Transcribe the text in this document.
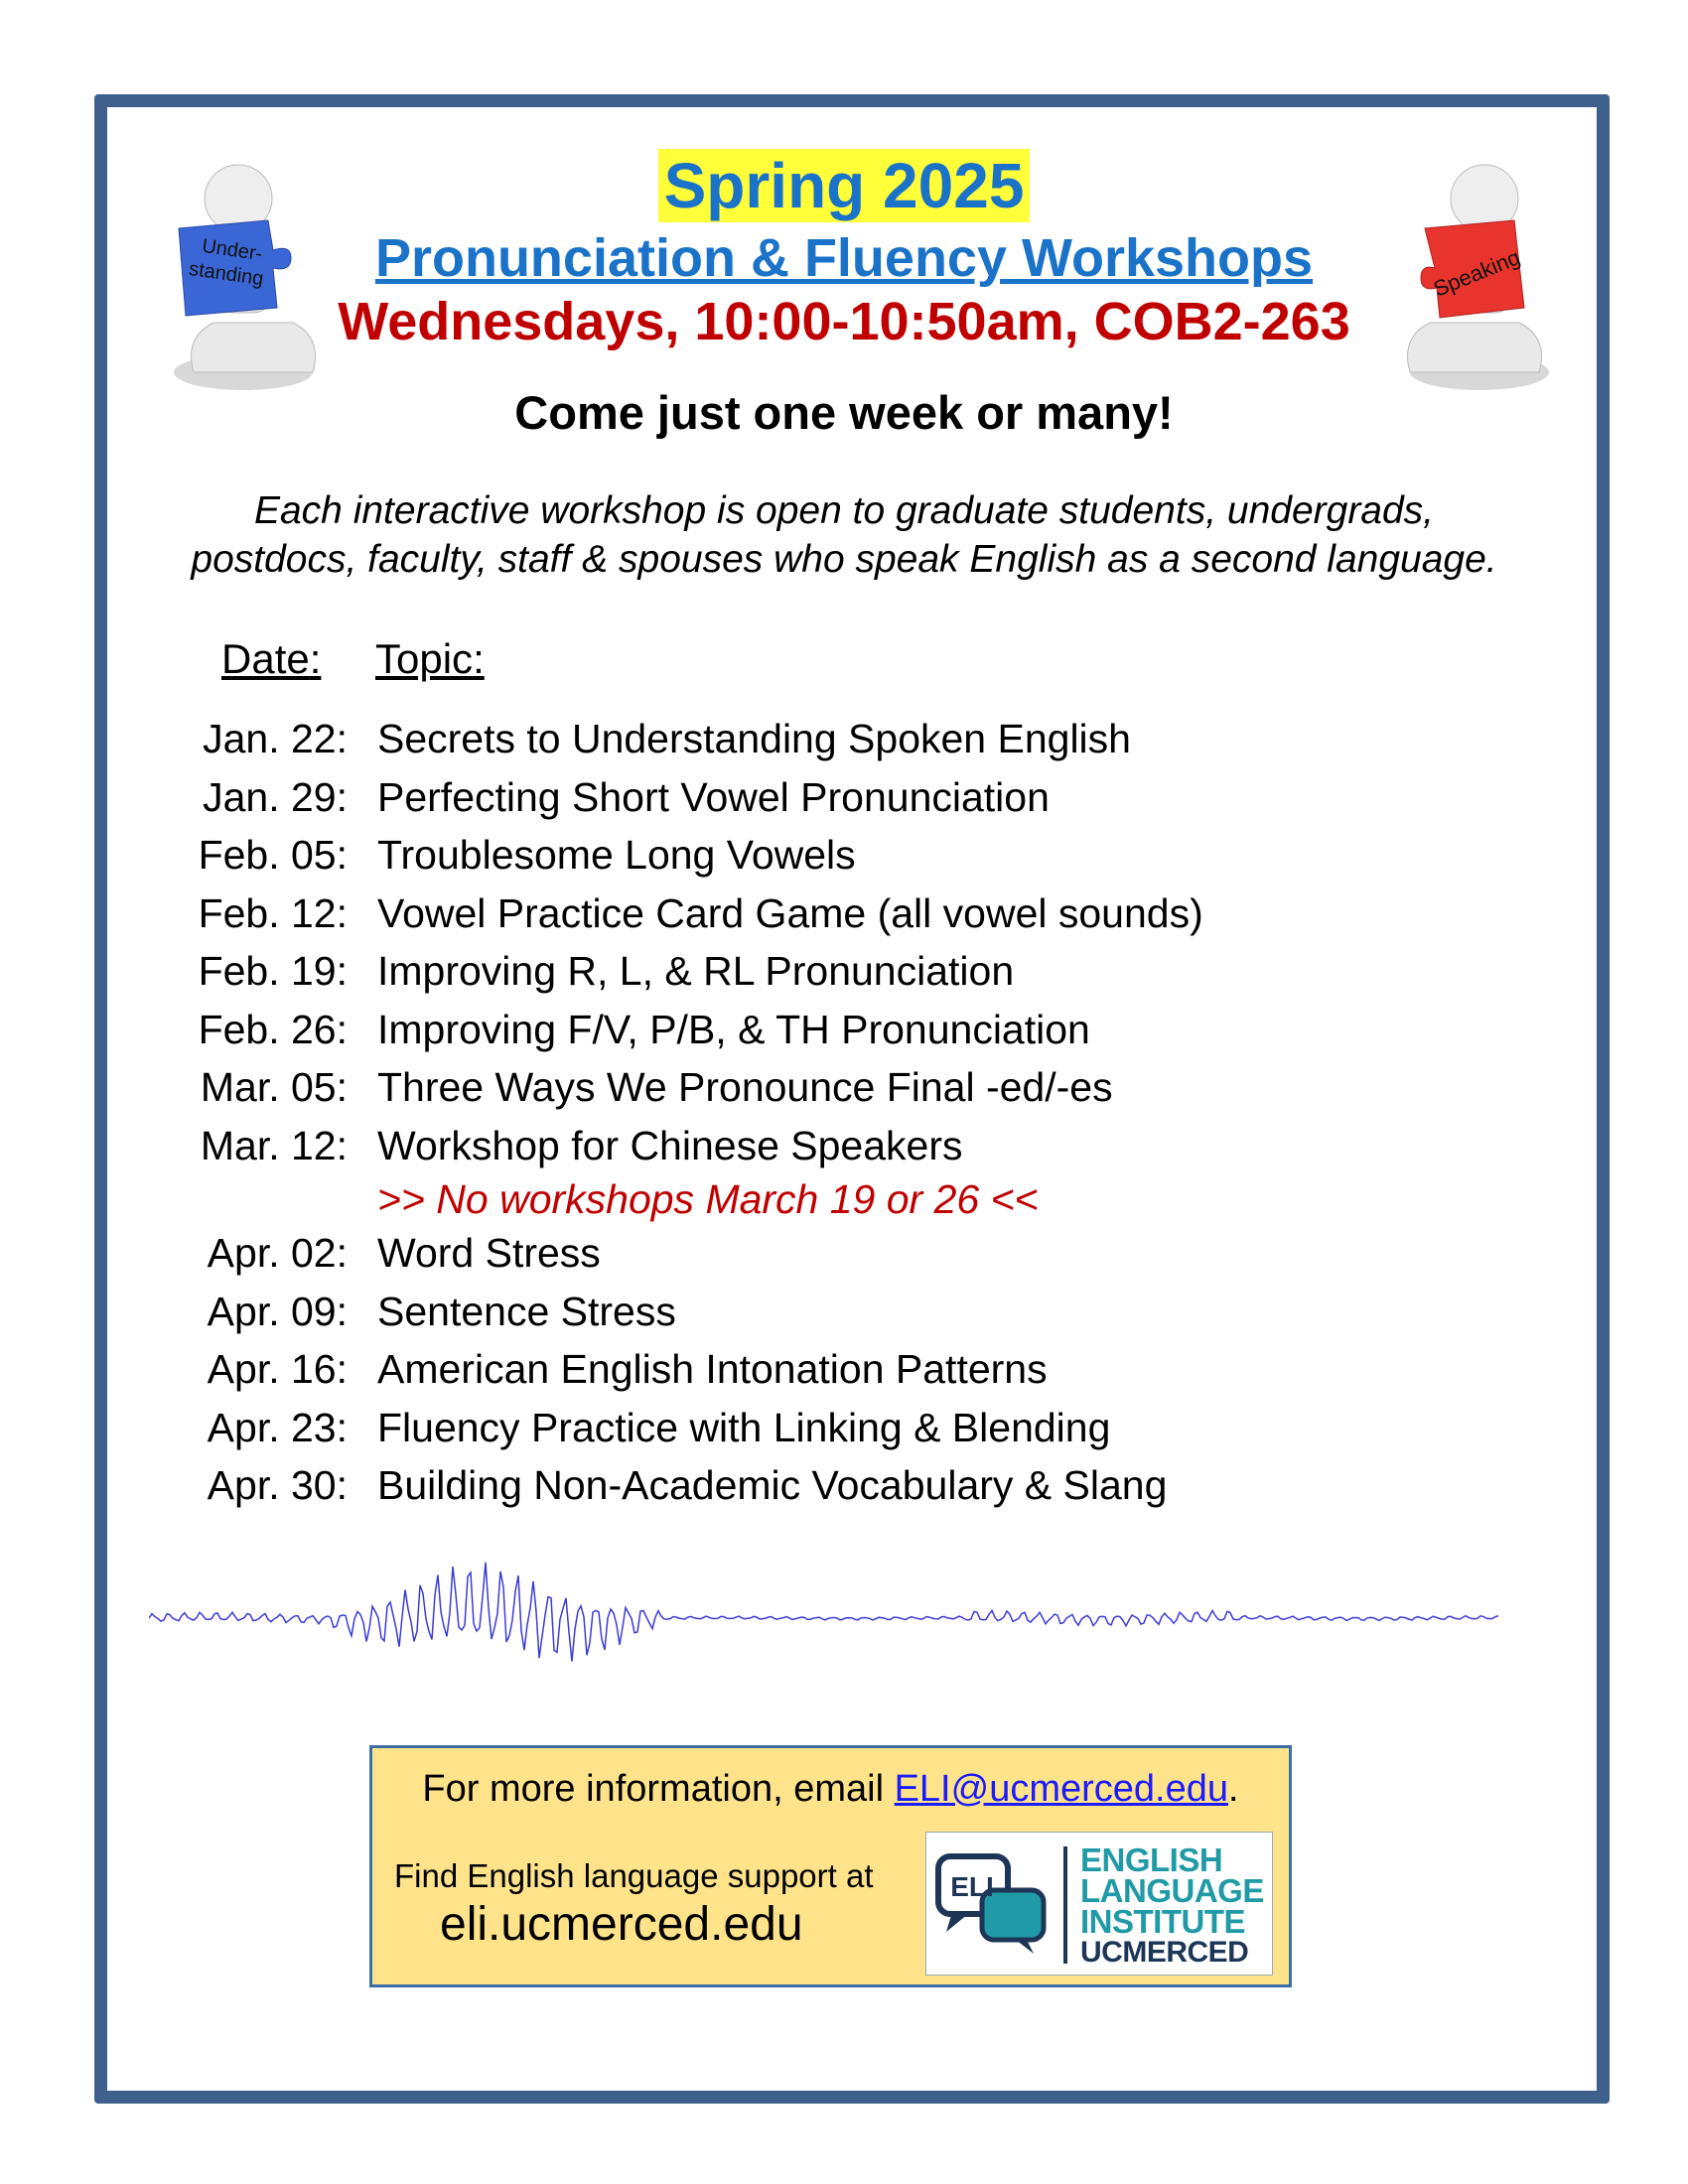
Under-
standing	Speaking
Spring 2025
Pronunciation & Fluency Workshops
Wednesdays, 10:00-10:50am, COB2-263
Come just one week or many!
Each interactive workshop is open to graduate students, undergrads,
postdocs, faculty, staff & spouses who speak English as a second language.
Date: Topic:
Jan. 22: Secrets to Understanding Spoken English
Jan. 29: Perfecting Short Vowel Pronunciation
Feb. 05: Troublesome Long Vowels
Feb. 12: Vowel Practice Card Game (all vowel sounds)
Feb. 19: Improving R, L, & RL Pronunciation
Feb. 26: Improving F/V, P/B, & TH Pronunciation
Mar. 05: Three Ways We Pronounce Final -ed/-es
Mar. 12: Workshop for Chinese Speakers
>> No workshops March 19 or 26 <<
Apr. 02: Word Stress
Apr. 09: Sentence Stress
Apr. 16: American English Intonation Patterns
Apr. 23: Fluency Practice with Linking & Blending
Apr. 30: Building Non-Academic Vocabulary & Slang
For more information, email ELI@ucmerced.edu.
Find English language support at
eli.ucmerced.edu
ELI
ENGLISH
LANGUAGE
INSTITUTE
UCMERCED
